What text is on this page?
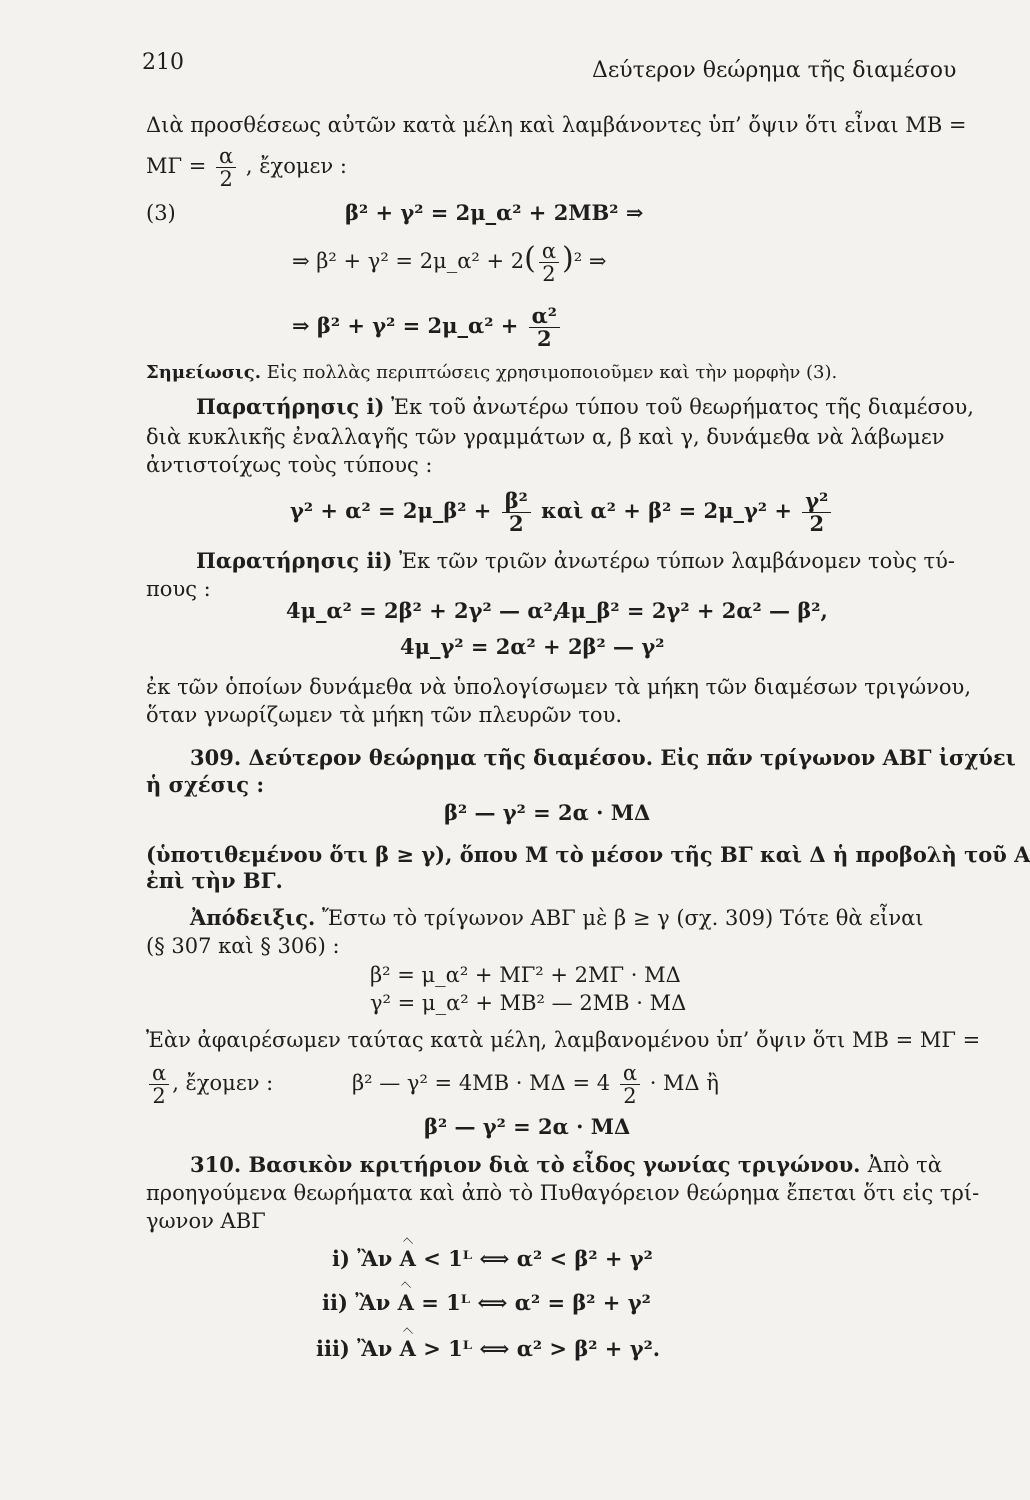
210	Δεύτερον θεώρημα τῆς διαμέσου
Διὰ προσθέσεως αὐτῶν κατὰ μέλη καὶ λαμβάνοντες ὑπ’ ὄψιν ὅτι εἶναι ΜΒ =
$M\Gamma = \frac{\alpha}{2}$ , ἔχομεν :
(3)	β² + γ² = 2μ_α² + 2ΜΒ² ⇒
⇒ β² + γ² = 2μ_α² + $2( \frac{\alpha}{2} )^2$ ⇒
⇒ β² + γ² = 2μ_α² + $\frac{\text{α²}}{2}$
Σημείωσις. Εἰς πολλὰς περιπτώσεις χρησιμοποιοῦμεν καὶ τὴν μορφὴν (3).
Παρατήρησις i) Ἐκ τοῦ ἀνωτέρω τύπου τοῦ θεωρήματος τῆς διαμέσου,
διὰ κυκλικῆς ἐναλλαγῆς τῶν γραμμάτων α, β καὶ γ, δυνάμεθα νὰ λάβωμεν
ἀντιστοίχως τοὺς τύπους :
γ² + α² = 2μ_β² + $\frac{\text{β²}}{2}$ καὶ α² + β² = 2μ_γ² + $\frac{\text{γ²}}{2}$
Παρατήρησις ii) Ἐκ τῶν τριῶν ἀνωτέρω τύπων λαμβάνομεν τοὺς τύ-
πους :
4μ_α² = 2β² + 2γ² — α²,
4μ_β² = 2γ² + 2α² — β²,
4μ_γ² = 2α² + 2β² — γ²
ἐκ τῶν ὁποίων δυνάμεθα νὰ ὑπολογίσωμεν τὰ μήκη τῶν διαμέσων τριγώνου,
ὅταν γνωρίζωμεν τὰ μήκη τῶν πλευρῶν του.
309. Δεύτερον θεώρημα τῆς διαμέσου. Εἰς πᾶν τρίγωνον ΑΒΓ ἰσχύει
ἡ σχέσις :
β² — γ² = 2α · ΜΔ
(ὑποτιθεμένου ὅτι β ≥ γ), ὅπου Μ τὸ μέσον τῆς ΒΓ καὶ Δ ἡ προβολὴ τοῦ Α
ἐπὶ τὴν ΒΓ.
Ἀπόδειξις. Ἔστω τὸ τρίγωνον ΑΒΓ μὲ β ≥ γ (σχ. 309) Τότε θὰ εἶναι
(§ 307 καὶ § 306) :
β² = μ_α² + ΜΓ² + 2ΜΓ · ΜΔ
γ² = μ_α² + ΜΒ² — 2ΜΒ · ΜΔ
Ἐὰν ἀφαιρέσωμεν ταύτας κατὰ μέλη, λαμβανομένου ὑπ’ ὄψιν ὅτι ΜΒ = ΜΓ =
$\frac{\alpha}{2}$ , ἔχομεν :	β² — $\gamma^2 = 4MB \cdot M\Delta = 4 \frac{\alpha}{2} \cdot M\Delta$ ἢ
β² — γ² = 2α · ΜΔ
310. Βασικὸν κριτήριον διὰ τὸ εἶδος γωνίας τριγώνου. Ἀπὸ τὰ
προηγούμενα θεωρήματα καὶ ἀπὸ τὸ Πυθαγόρειον θεώρημα ἔπεται ὅτι εἰς τρί-
γωνον ΑΒΓ
i) Ἂν Α < 1ᴸ ⟺ α² < β² + γ²
ii) Ἂν Α = 1ᴸ ⟺ α² = β² + γ²
iii) Ἂν Α > 1ᴸ ⟺ α² > β² + γ².
